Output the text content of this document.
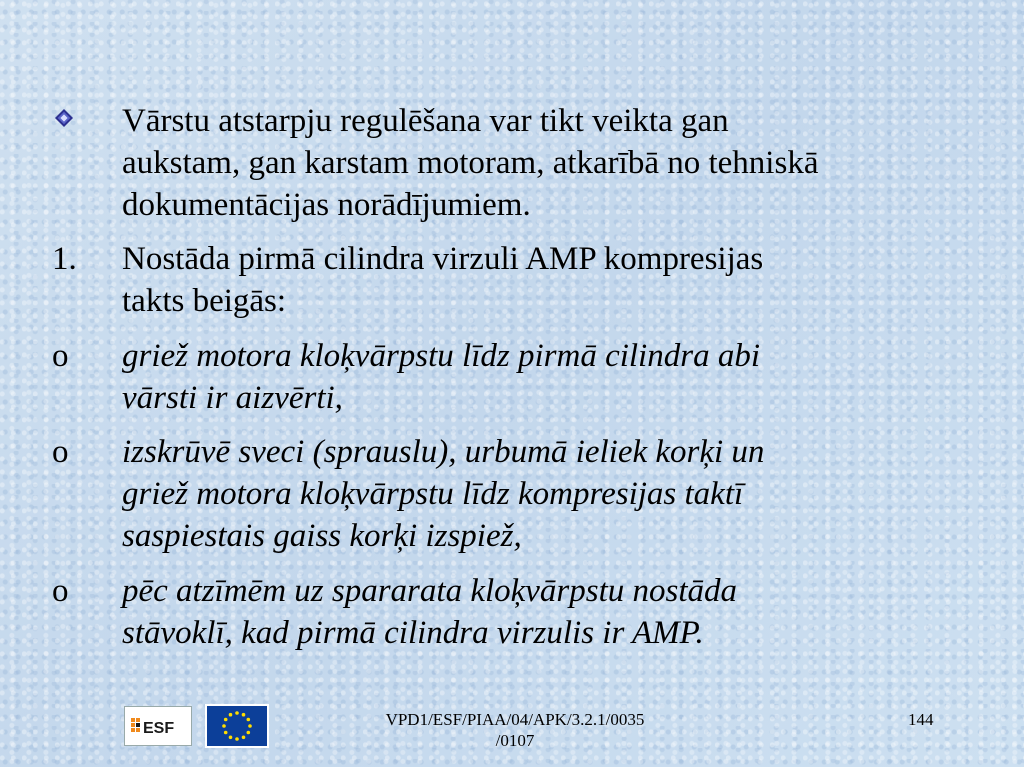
Vārstu atstarpju regulēšana var tikt veikta gan
aukstam, gan karstam motoram, atkarībā no tehniskā
dokumentācijas norādījumiem.

1. Nostāda pirmā cilindra virzuli AMP kompresijas
takts beigās:

o griež motora kloķvārpstu līdz pirmā cilindra abi
vārsti ir aizvērti,

o izskrūvē sveci (sprauslu), urbumā ieliek korķi un
griež motora kloķvārpstu līdz kompresijas taktī
saspiestais gaiss korķi izspiež,

o pēc atzīmēm uz spararata kloķvārpstu nostāda
stāvoklī, kad pirmā cilindra virzulis ir AMP.

ESF	VPD1/ESF/PIAA/04/APK/3.2.1/0035
/0107
144
